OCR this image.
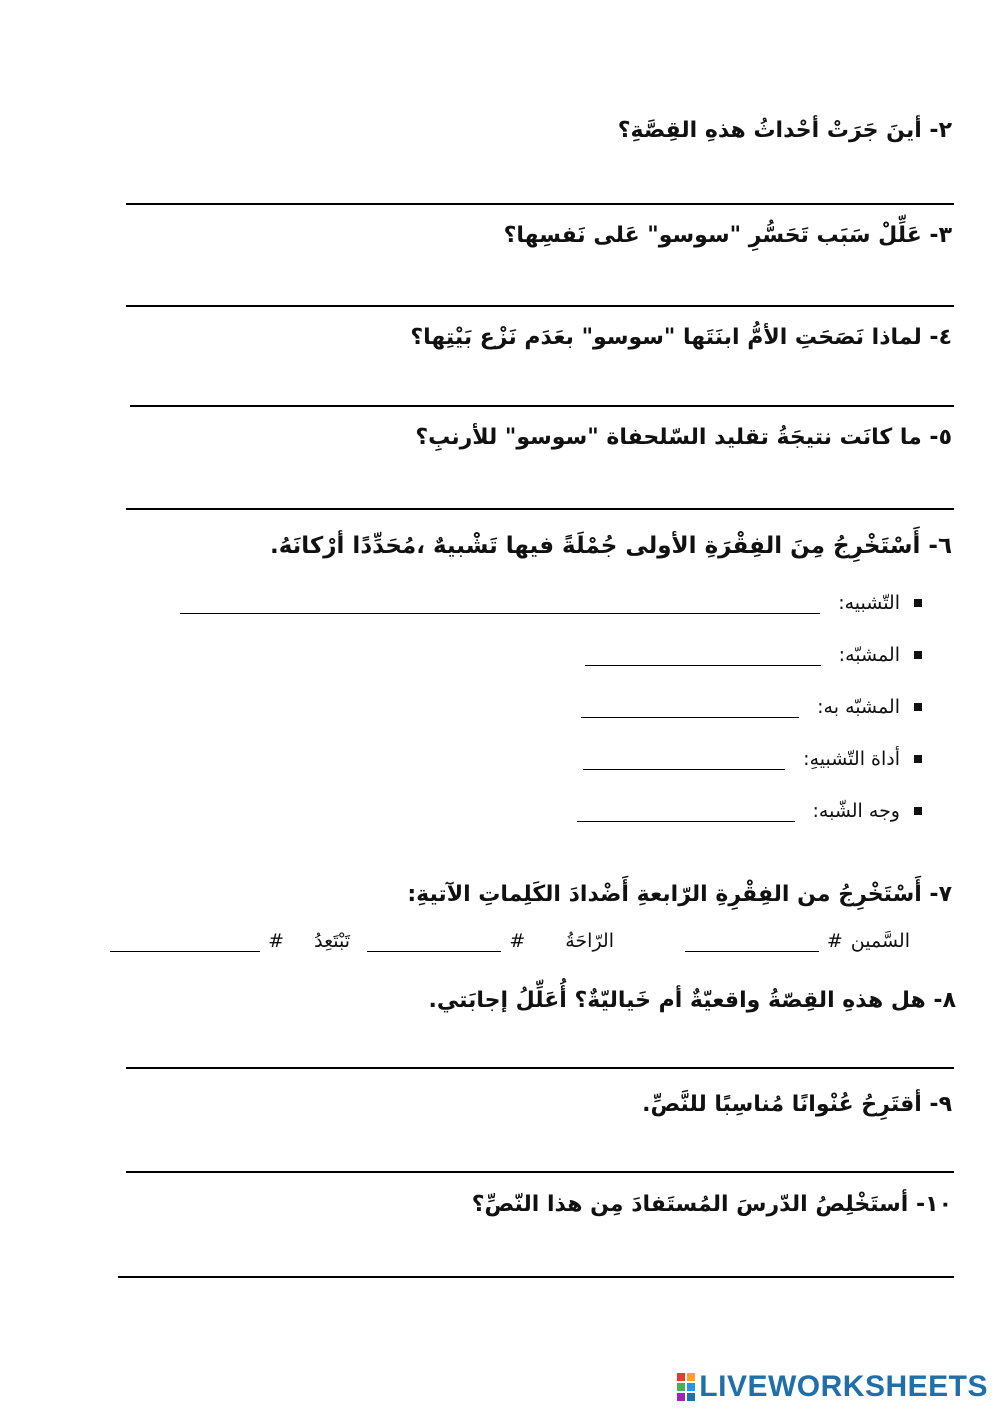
٢- أينَ جَرَتْ أحْداثُ هذهِ القِصَّةِ؟

٣- عَلِّلْ سَبَب تَحَسُّرِ "سوسو" عَلى نَفسِها؟

٤- لماذا نَصَحَتِ الأمُّ ابنَتَها "سوسو" بعَدَم نَزْع بَيْتِها؟

٥- ما كانَت نتيجَةُ تقليد السّلحفاة "سوسو" للأرنبِ؟

٦- أَسْتَخْرِجُ مِنَ الفِقْرَةِ الأولى جُمْلَةً فيها تَشْبيهٌ ،مُحَدِّدًا أرْكانَهُ.

التّشبيه:
المشبّه:
المشبّه به:
أداة التّشبيهِ:
وجه الشّبه:

٧- أَسْتَخْرِجُ من الفِقْرِةِ الرّابعةِ أَضْدادَ الكَلِماتِ الآتيةِ:

السَّمين
#
الرّاحَةُ
#
تَبْتَعِدُ
#

٨- هل هذهِ القِصّةُ واقعيّةٌ أم خَياليّةٌ؟ أُعَلِّلُ إجابَتي.

٩- أقتَرِحُ عُنْوانًا مُناسِبًا للنَّصِّ.

١٠- أستَخْلِصُ الدّرسَ المُستَفادَ مِن هذا النّصِّ؟

LIVEWORKSHEETS
